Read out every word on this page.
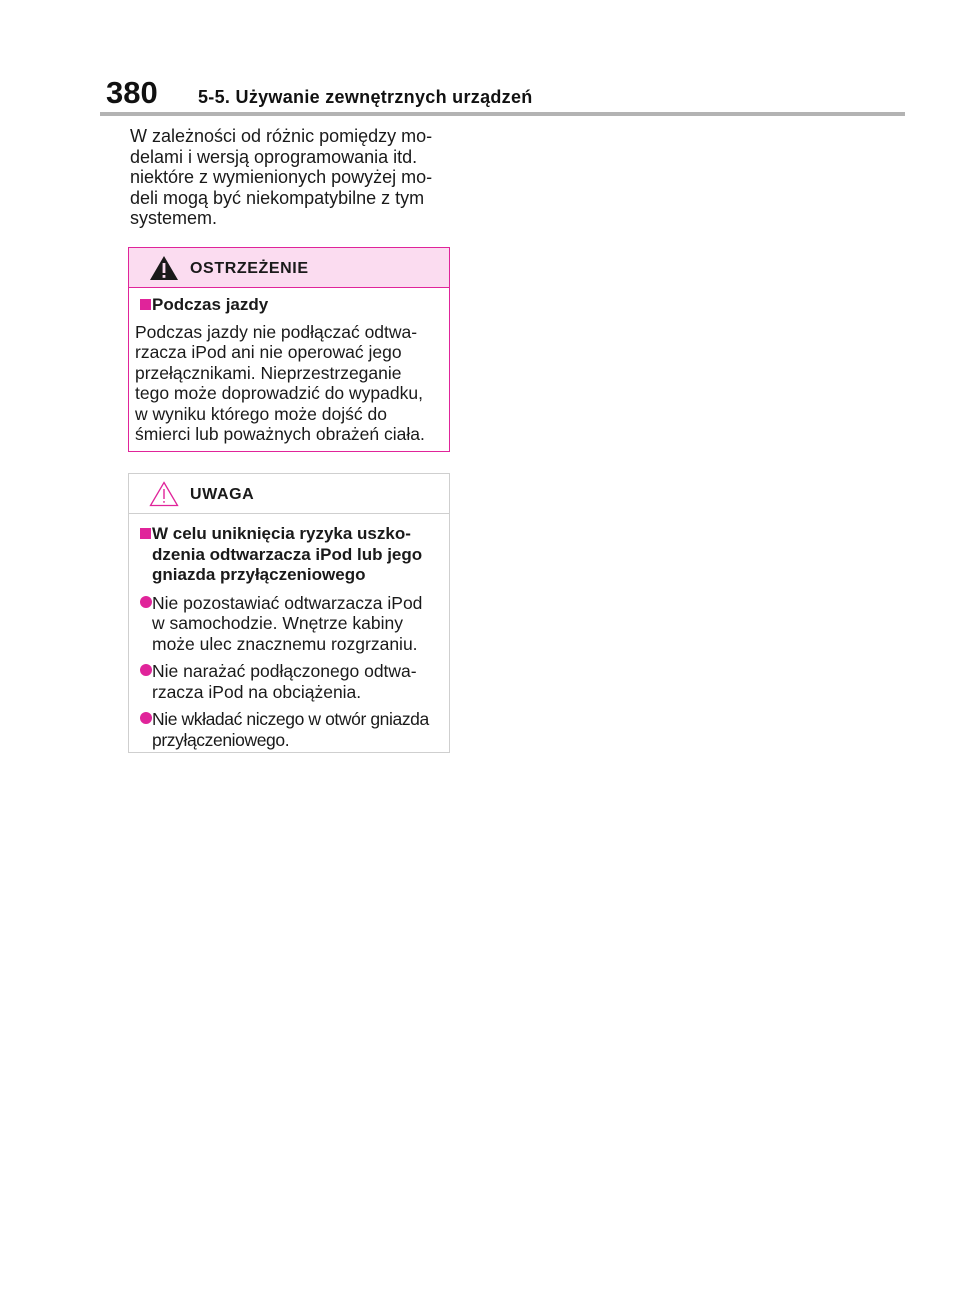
380 5-5. Używanie zewnętrznych urządzeń
W zależności od różnic pomiędzy mo-
delami i wersją oprogramowania itd.
niektóre z wymienionych powyżej mo-
deli mogą być niekompatybilne z tym
systemem.
OSTRZEŻENIE
Podczas jazdy
Podczas jazdy nie podłączać odtwa-
rzacza iPod ani nie operować jego
przełącznikami. Nieprzestrzeganie
tego może doprowadzić do wypadku,
w wyniku którego może dojść do
śmierci lub poważnych obrażeń ciała.
UWAGA
W celu uniknięcia ryzyka uszko-
dzenia odtwarzacza iPod lub jego
gniazda przyłączeniowego
Nie pozostawiać odtwarzacza iPod
w samochodzie. Wnętrze kabiny
może ulec znacznemu rozgrzaniu.
Nie narażać podłączonego odtwa-
rzacza iPod na obciążenia.
Nie wkładać niczego w otwór gniazda
przyłączeniowego.
